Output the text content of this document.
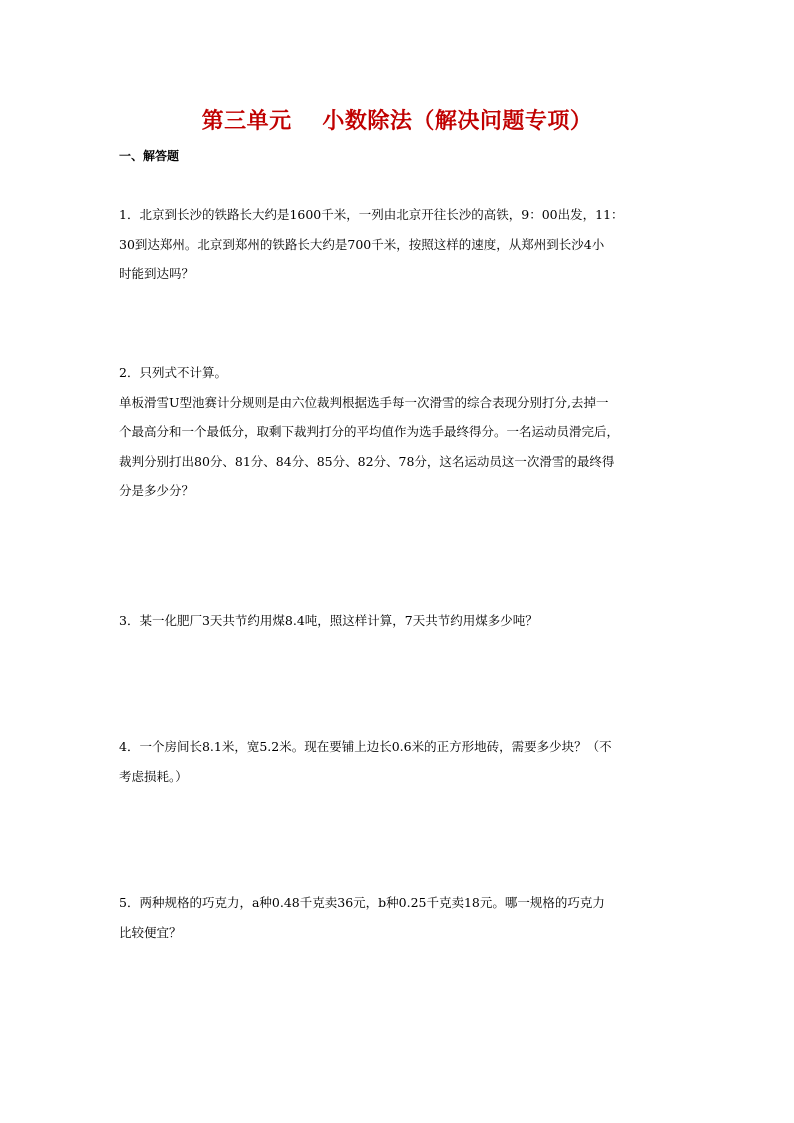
第三单元　 小数除法（解决问题专项）
一、解答题
1．北京到长沙的铁路长大约是1600千米，一列由北京开往长沙的高铁，9：00出发，11：
30到达郑州。北京到郑州的铁路长大约是700千米，按照这样的速度，从郑州到长沙4小
时能到达吗？
2．只列式不计算。
单板滑雪U型池赛计分规则是由六位裁判根据选手每一次滑雪的综合表现分别打分,去掉一
个最高分和一个最低分，取剩下裁判打分的平均值作为选手最终得分。一名运动员滑完后，
裁判分别打出80分、81分、84分、85分、82分、78分，这名运动员这一次滑雪的最终得
分是多少分？
3．某一化肥厂3天共节约用煤8.4吨，照这样计算，7天共节约用煤多少吨？
4．一个房间长8.1米，宽5.2米。现在要铺上边长0.6米的正方形地砖，需要多少块？（不
考虑损耗。）
5．两种规格的巧克力，a种0.48千克卖36元，b种0.25千克卖18元。哪一规格的巧克力
比较便宜？
